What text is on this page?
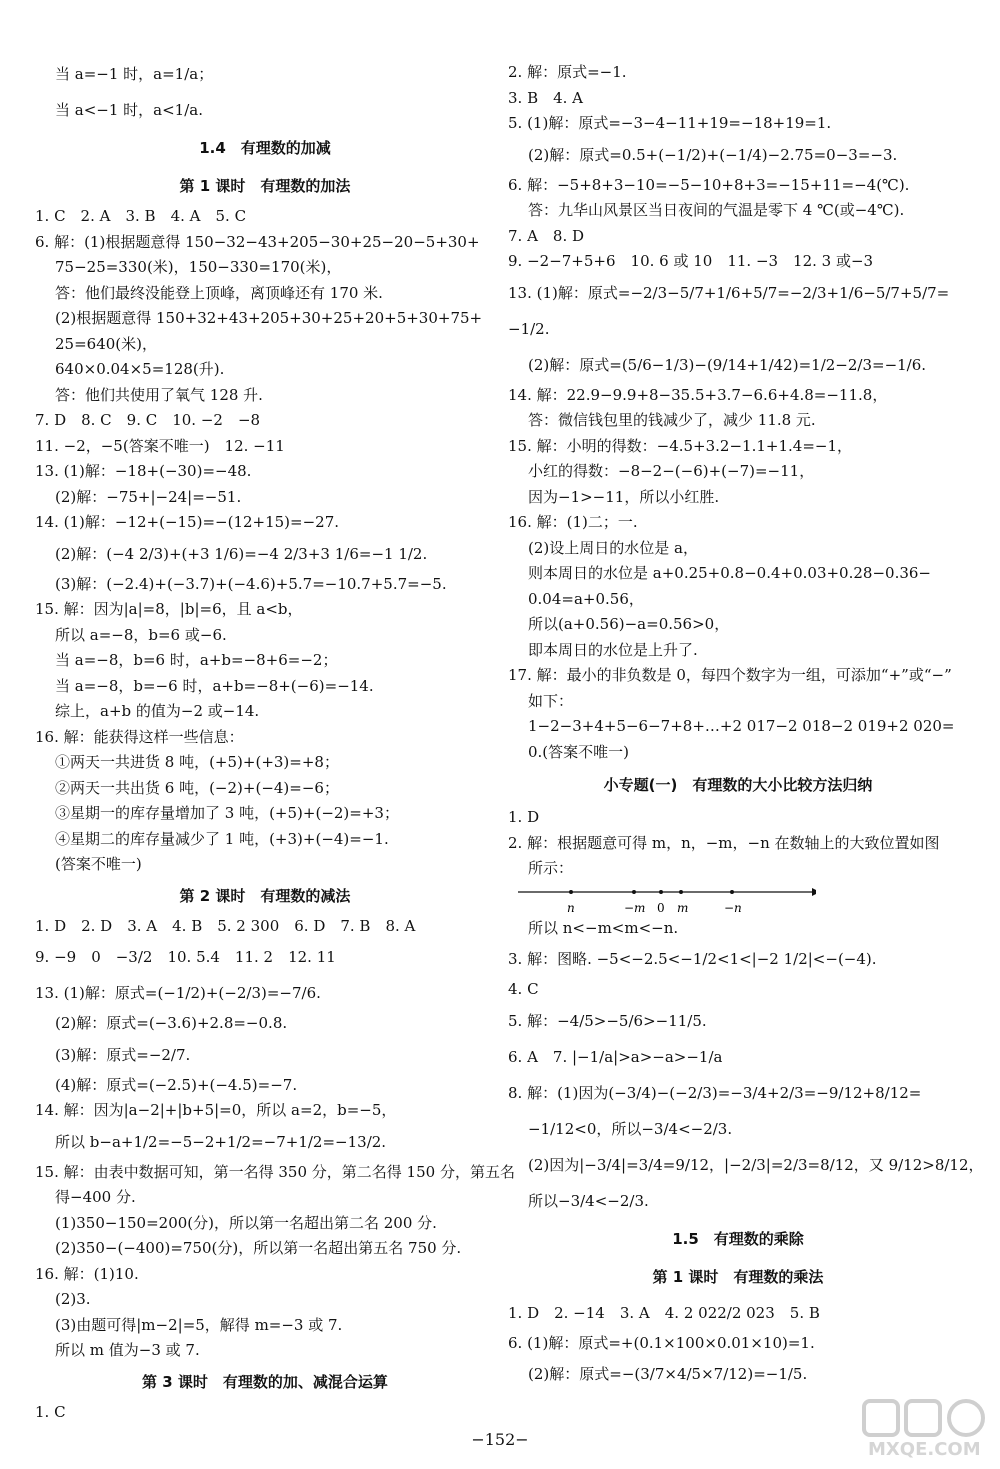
当 a=−1 时，a=1/a；
当 a<−1 时，a<1/a.
1.4　有理数的加减
第 1 课时　有理数的加法
1. C　2. A　3. B　4. A　5. C
6. 解：(1)根据题意得 150−32−43+205−30+25−20−5+30+
75−25=330(米)，150−330=170(米)，
答：他们最终没能登上顶峰，离顶峰还有 170 米.
(2)根据题意得 150+32+43+205+30+25+20+5+30+75+
25=640(米)，
640×0.04×5=128(升).
答：他们共使用了氧气 128 升.
7. D　8. C　9. C　10. −2　−8
11. −2，−5(答案不唯一)　12. −11
13. (1)解：−18+(−30)=−48.
(2)解：−75+|−24|=−51.
14. (1)解：−12+(−15)=−(12+15)=−27.
(2)解：(−4 2/3)+(+3 1/6)=−4 2/3+3 1/6=−1 1/2.
(3)解：(−2.4)+(−3.7)+(−4.6)+5.7=−10.7+5.7=−5.
15. 解：因为|a|=8，|b|=6，且 a<b，
所以 a=−8，b=6 或−6.
当 a=−8，b=6 时，a+b=−8+6=−2；
当 a=−8，b=−6 时，a+b=−8+(−6)=−14.
综上，a+b 的值为−2 或−14.
16. 解：能获得这样一些信息：
①两天一共进货 8 吨，(+5)+(+3)=+8；
②两天一共出货 6 吨，(−2)+(−4)=−6；
③星期一的库存量增加了 3 吨，(+5)+(−2)=+3；
④星期二的库存量减少了 1 吨，(+3)+(−4)=−1.
(答案不唯一)
第 2 课时　有理数的减法
1. D　2. D　3. A　4. B　5. 2 300　6. D　7. B　8. A
9. −9　0　−3/2　10. 5.4　11. 2　12. 11
13. (1)解：原式=(−1/2)+(−2/3)=−7/6.
(2)解：原式=(−3.6)+2.8=−0.8.
(3)解：原式=−2/7.
(4)解：原式=(−2.5)+(−4.5)=−7.
14. 解：因为|a−2|+|b+5|=0，所以 a=2，b=−5，
所以 b−a+1/2=−5−2+1/2=−7+1/2=−13/2.
15. 解：由表中数据可知，第一名得 350 分，第二名得 150 分，第五名
得−400 分.
(1)350−150=200(分)，所以第一名超出第二名 200 分.
(2)350−(−400)=750(分)，所以第一名超出第五名 750 分.
16. 解：(1)10.
(2)3.
(3)由题可得|m−2|=5，解得 m=−3 或 7.
所以 m 值为−3 或 7.
第 3 课时　有理数的加、减混合运算
1. C
2. 解：原式=−1.
3. B　4. A
5. (1)解：原式=−3−4−11+19=−18+19=1.
(2)解：原式=0.5+(−1/2)+(−1/4)−2.75=0−3=−3.
6. 解：−5+8+3−10=−5−10+8+3=−15+11=−4(℃).
答：九华山风景区当日夜间的气温是零下 4 ℃(或−4℃).
7. A　8. D
9. −2−7+5+6　10. 6 或 10　11. −3　12. 3 或−3
13. (1)解：原式=−2/3−5/7+1/6+5/7=−2/3+1/6−5/7+5/7=
−1/2.
(2)解：原式=(5/6−1/3)−(9/14+1/42)=1/2−2/3=−1/6.
14. 解：22.9−9.9+8−35.5+3.7−6.6+4.8=−11.8，
答：微信钱包里的钱减少了，减少 11.8 元.
15. 解：小明的得数：−4.5+3.2−1.1+1.4=−1，
小红的得数：−8−2−(−6)+(−7)=−11，
因为−1>−11，所以小红胜.
16. 解：(1)二；一.
(2)设上周日的水位是 a，
则本周日的水位是 a+0.25+0.8−0.4+0.03+0.28−0.36−
0.04=a+0.56，
所以(a+0.56)−a=0.56>0，
即本周日的水位是上升了.
17. 解：最小的非负数是 0，每四个数字为一组，可添加“+”或“−”
如下：
1−2−3+4+5−6−7+8+…+2 017−2 018−2 019+2 020=
0.(答案不唯一)
小专题(一)　有理数的大小比较方法归纳
1. D
2. 解：根据题意可得 m，n，−m，−n 在数轴上的大致位置如图
所示：
n	−m 0 m	−n
所以 n<−m<m<−n.
3. 解：图略. −5<−2.5<−1/2<1<|−2 1/2|<−(−4).
4. C
5. 解：−4/5>−5/6>−11/5.
6. A　7. |−1/a|>a>−a>−1/a
8. 解：(1)因为(−3/4)−(−2/3)=−3/4+2/3=−9/12+8/12=
−1/12<0，所以−3/4<−2/3.
(2)因为|−3/4|=3/4=9/12，|−2/3|=2/3=8/12，又 9/12>8/12，
所以−3/4<−2/3.
1.5　有理数的乘除
第 1 课时　有理数的乘法
1. D　2. −14　3. A　4. 2 022/2 023　5. B
6. (1)解：原式=+(0.1×100×0.01×10)=1.
(2)解：原式=−(3/7×4/5×7/12)=−1/5.
−152−	MXQE.COM
